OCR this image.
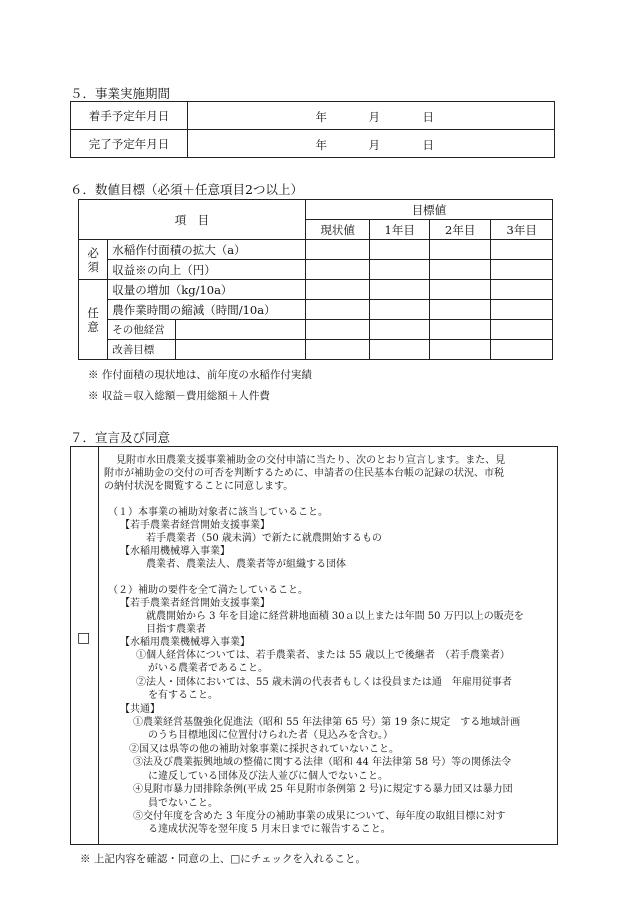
５．事業実施期間
着手予定年月日	年 月 日

完了予定年月日	年 月 日
６．数値目標（必須＋任意項目2つ以上）
項　目			目標値			
			現状値	1年目	2年目	3年目
必須	水稲作付面積の拡大（a）					
	収益※の向上（円）					
任意	収量の増加（kg/10a）					
	農作業時間の縮減（時間/10a）					
	その他経営					
	改善目標					
※ 作付面積の現状地は、前年度の水稲作付実績
※ 収益＝収入総額－費用総額＋人件費
７．宣言及び同意
□
見附市水田農業支援事業補助金の交付申請に当たり、次のとおり宣言します。また、見
附市が補助金の交付の可否を判断するために、申請者の住民基本台帳の記録の状況、市税
の納付状況を閲覧することに同意します。
（１）本事業の補助対象者に該当していること。
【若手農業者経営開始支援事業】
若手農業者（50 歳未満）で新たに就農開始するもの
【水稲用機械導入事業】
農業者、農業法人、農業者等が組織する団体
（２）補助の要件を全て満たしていること。
【若手農業者経営開始支援事業】
就農開始から 3 年を目途に経営耕地面積 30ａ以上または年間 50 万円以上の販売を
目指す農業者
【水稲用農業機械導入事業】
①個人経営体については、若手農業者、または 55 歳以上で後継者　（若手農業者）
がいる農業者であること。
②法人・団体においては、55 歳未満の代表者もしくは役員または通　年雇用従事者
を有すること。
【共通】
①農業経営基盤強化促進法（昭和 55 年法律第 65 号）第 19 条に規定　する地域計画
のうち目標地図に位置付けられた者（見込みを含む。）
②国又は県等の他の補助対象事業に採択されていないこと。
③法及び農業振興地域の整備に関する法律（昭和 44 年法律第 58 号）等の関係法令
に違反している団体及び法人並びに個人でないこと。
④見附市暴力団排除条例(平成 25 年見附市条例第 2 号)に規定する暴力団又は暴力団
員でないこと。
⑤交付年度を含めた 3 年度分の補助事業の成果について、毎年度の取組目標に対す
る達成状況等を翌年度 5 月末日までに報告すること。
※ 上記内容を確認・同意の上、□にチェックを入れること。
